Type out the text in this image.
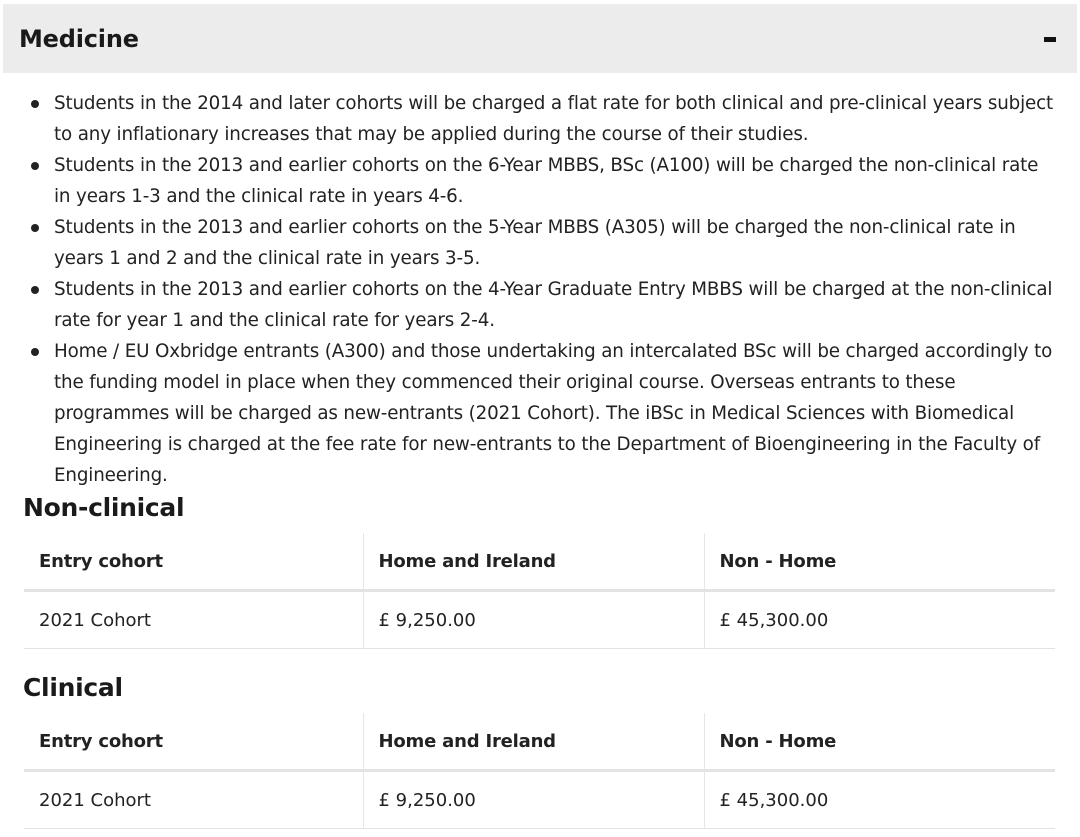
Medicine
Students in the 2014 and later cohorts will be charged a flat rate for both clinical and pre-clinical years subject to any inflationary increases that may be applied during the course of their studies.
Students in the 2013 and earlier cohorts on the 6-Year MBBS, BSc (A100) will be charged the non-clinical rate in years 1-3 and the clinical rate in years 4-6.
Students in the 2013 and earlier cohorts on the 5-Year MBBS (A305) will be charged the non-clinical rate in years 1 and 2 and the clinical rate in years 3-5.
Students in the 2013 and earlier cohorts on the 4-Year Graduate Entry MBBS will be charged at the non-clinical rate for year 1 and the clinical rate for years 2-4.
Home / EU Oxbridge entrants (A300) and those undertaking an intercalated BSc will be charged accordingly to the funding model in place when they commenced their original course. Overseas entrants to these programmes will be charged as new-entrants (2021 Cohort). The iBSc in Medical Sciences with Biomedical Engineering is charged at the fee rate for new-entrants to the Department of Bioengineering in the Faculty of Engineering.
Non-clinical
Entry cohort	Home and Ireland	Non - Home
2021 Cohort	£ 9,250.00	£ 45,300.00
Clinical
Entry cohort	Home and Ireland	Non - Home
2021 Cohort	£ 9,250.00	£ 45,300.00
